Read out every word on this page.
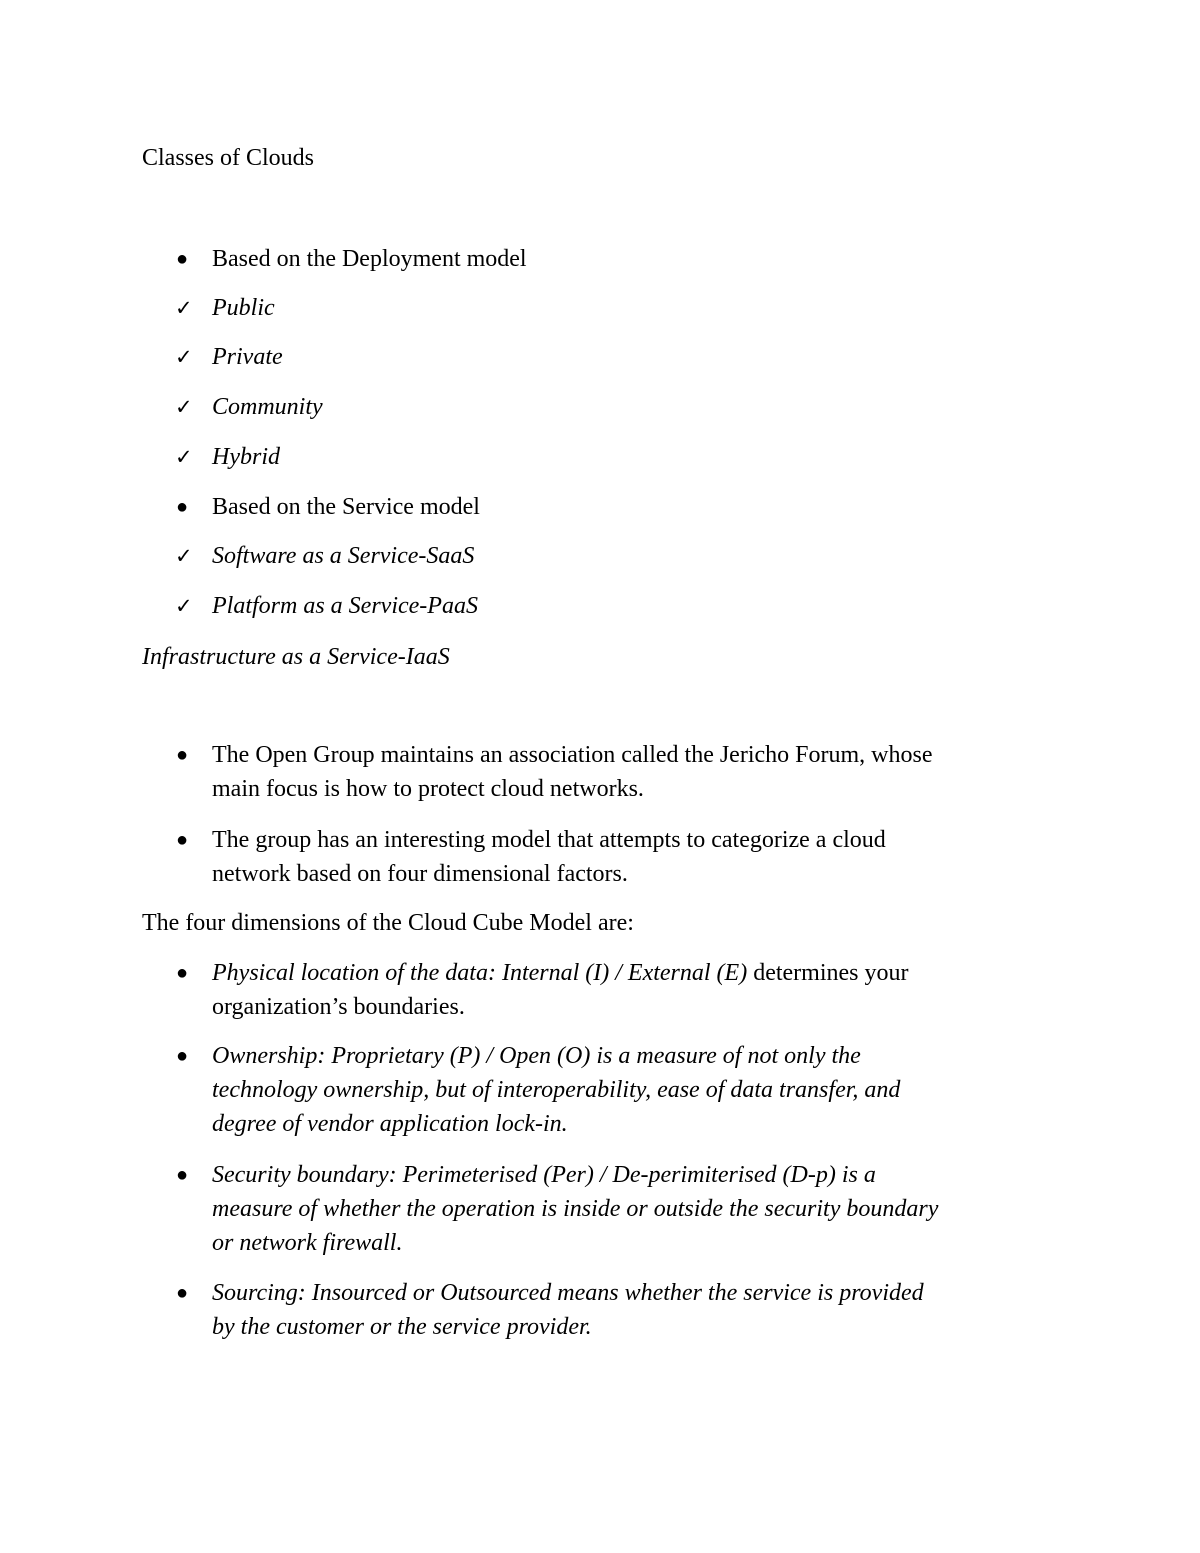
Classes of Clouds
● Based on the Deployment model
✓ Public
✓ Private
✓ Community
✓ Hybrid
● Based on the Service model
✓ Software as a Service-SaaS
✓ Platform as a Service-PaaS
Infrastructure as a Service-IaaS
● The Open Group maintains an association called the Jericho Forum, whose
main focus is how to protect cloud networks.
● The group has an interesting model that attempts to categorize a cloud
network based on four dimensional factors.
The four dimensions of the Cloud Cube Model are:
● Physical location of the data: Internal (I) / External (E) determines your
organization’s boundaries.
● Ownership: Proprietary (P) / Open (O) is a measure of not only the
technology ownership, but of interoperability, ease of data transfer, and
degree of vendor application lock-in.
● Security boundary: Perimeterised (Per) / De-perimiterised (D-p) is a
measure of whether the operation is inside or outside the security boundary
or network firewall.
● Sourcing: Insourced or Outsourced means whether the service is provided
by the customer or the service provider.
